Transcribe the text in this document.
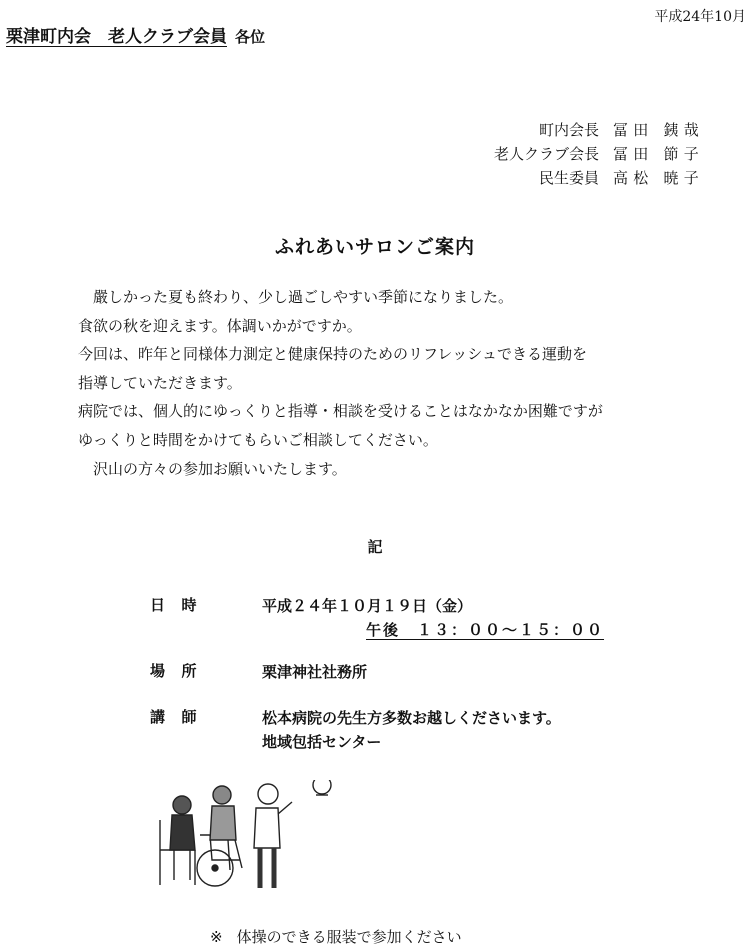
平成24年10月
栗津町内会　老人クラブ会員 各位
町内会長	冨田 銕哉
老人クラブ会長	冨田 節子
民生委員	高松 暁子
ふれあいサロンご案内

　嚴しかった夏も終わり、少し過ごしやすい季節になりました。

食欲の秋を迎えます。体調いかがですか。

今回は、昨年と同様体力測定と健康保持のためのリフレッシュできる運動を

指導していただきます。

病院では、個人的にゆっくりと指導・相談を受けることはなかなか困難ですが

ゆっくりと時間をかけてもらいご相談してください。

　沢山の方々の参加お願いいたします。

記
日時	平成２４年１０月１９日（金）
午後　１３：００～１５：００
場所	栗津神社社務所
講師	松本病院の先生方多数お越しくださいます。
地域包括センター
※ 体操のできる服装で参加ください
